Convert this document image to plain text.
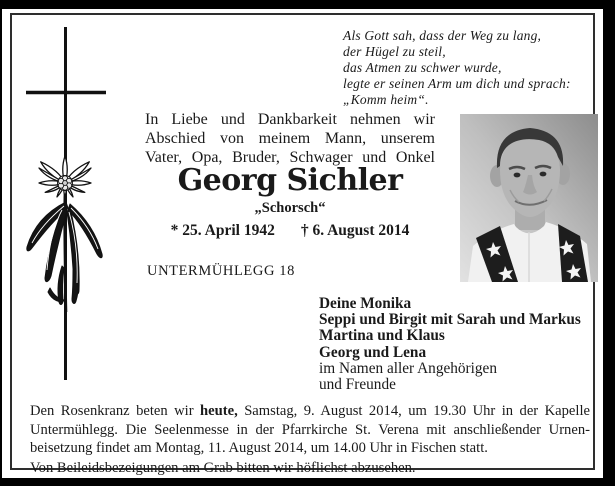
Als Gott sah, dass der Weg zu lang,
der Hügel zu steil,
das Atmen zu schwer wurde,
legte er seinen Arm um dich und sprach:
„Komm heim“.
In Liebe und Dankbarkeit nehmen wir
Abschied von meinem Mann, unserem
Vater, Opa, Bruder, Schwager und Onkel
Georg Sichler
„Schorsch“
* 25. April 1942 † 6. August 2014
UNTERMÜHLEGG 18
Deine Monika
Seppi und Birgit mit Sarah und Markus
Martina und Klaus
Georg und Lena
im Namen aller Angehörigen
und Freunde
Den Rosenkranz beten wir heute, Samstag, 9. August 2014, um 19.30 Uhr in der Kapelle
Untermühlegg. Die Seelenmesse in der Pfarrkirche St. Verena mit anschließender Urnen-
beisetzung findet am Montag, 11. August 2014, um 14.00 Uhr in Fischen statt.
Von Beileidsbezeigungen am Grab bitten wir höflichst abzusehen.
